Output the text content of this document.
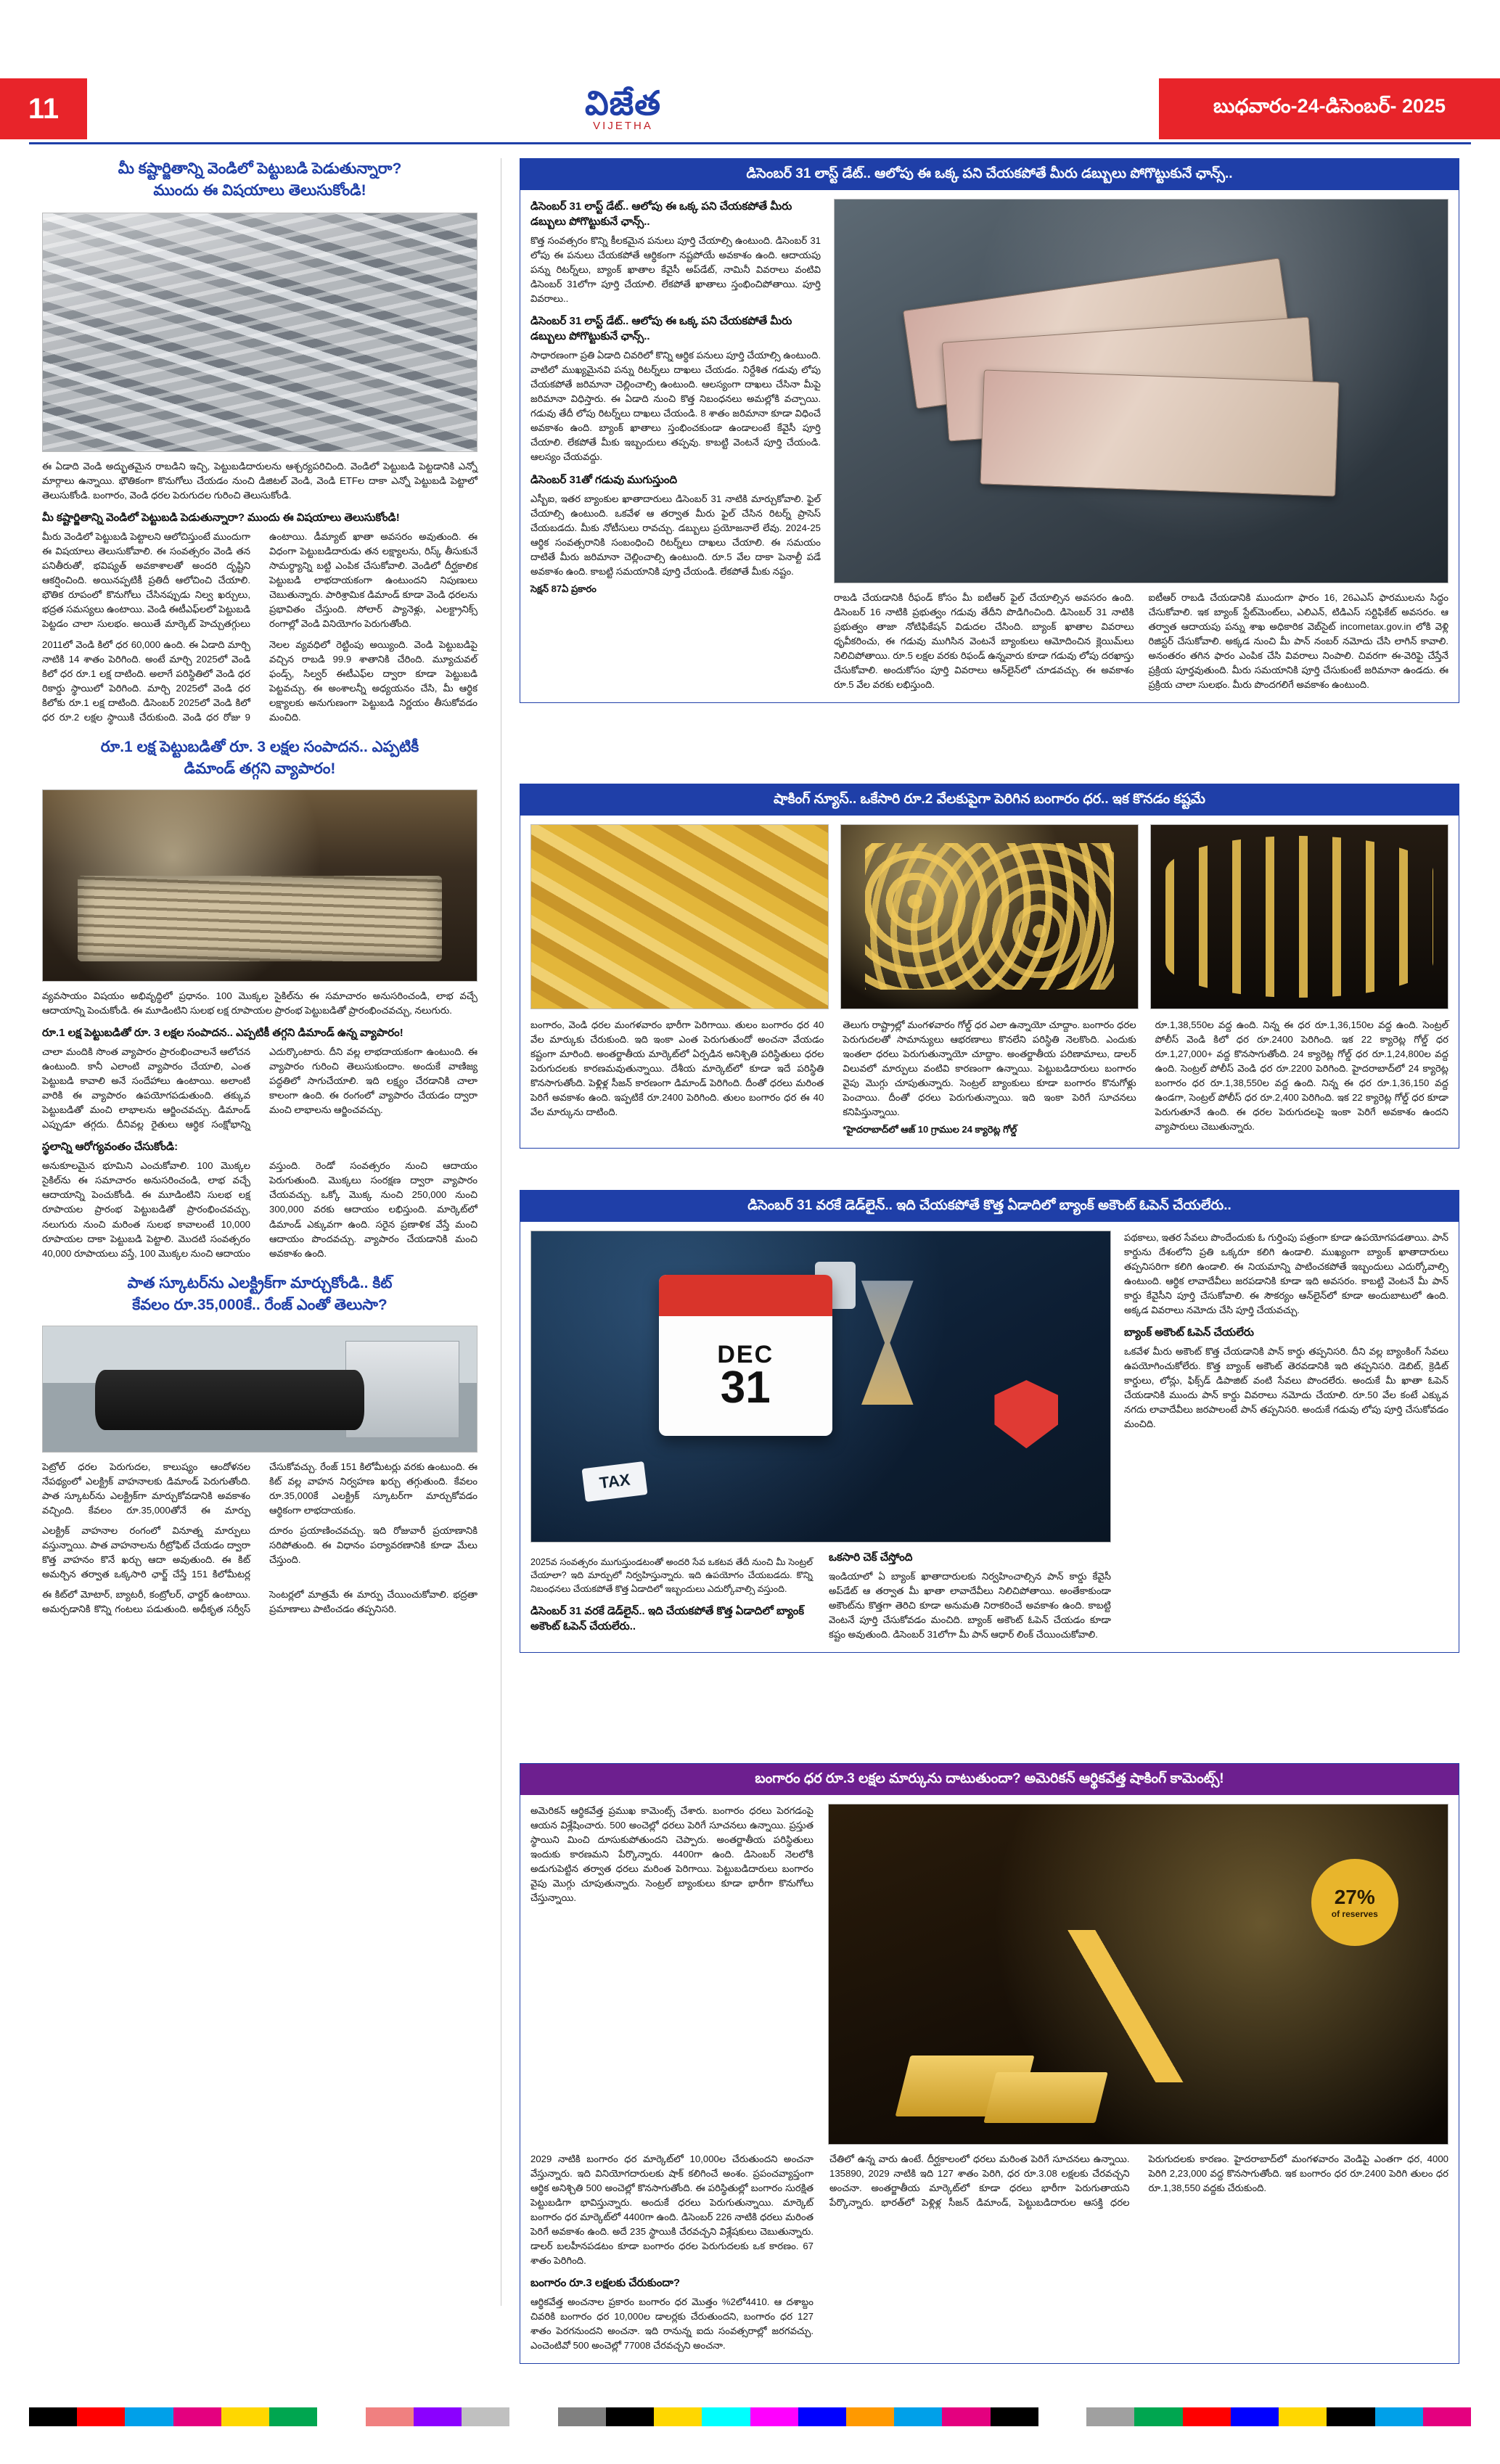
11	విజేత
VIJETHA
బుధవారం-24-డిసెంబర్- 2025
మీ కష్టార్జితాన్ని వెండిలో పెట్టుబడి పెడుతున్నారా?
ముందు ఈ విషయాలు తెలుసుకోండి!
ఈ ఏడాది వెండి అద్భుతమైన రాబడిని ఇచ్చి, పెట్టుబడిదారులను ఆశ్చర్యపరిచింది. వెండిలో పెట్టుబడి పెట్టడానికి ఎన్నో మార్గాలు ఉన్నాయి. భౌతికంగా కొనుగోలు చేయడం నుంచి డిజిటల్ వెండి, వెండి ETFల దాకా ఎన్నో పెట్టుబడి పెట్టాలో తెలుసుకోండి. బంగారం, వెండి ధరల పెరుగుదల గురించి తెలుసుకోండి.
మీ కష్టార్జితాన్ని వెండిలో పెట్టుబడి పెడుతున్నారా? ముందు ఈ విషయాలు తెలుసుకోండి!
మీరు వెండిలో పెట్టుబడి పెట్టాలని ఆలోచిస్తుంటే ముందుగా ఈ విషయాలు తెలుసుకోవాలి. ఈ సంవత్సరం వెండి తన పనితీరుతో, భవిష్యత్ అవకాశాలతో అందరి దృష్టిని ఆకర్షించింది. అయినప్పటికీ ప్రతిదీ ఆలోచించి చేయాలి. భౌతిక రూపంలో కొనుగోలు చేసినప్పుడు నిల్వ ఖర్చులు, భద్రత సమస్యలు ఉంటాయి. వెండి ఈటీఎఫ్‌లలో పెట్టుబడి పెట్టడం చాలా సులభం. అయితే మార్కెట్ హెచ్చుతగ్గులు ఉంటాయి. డీమ్యాట్ ఖాతా అవసరం అవుతుంది. ఈ విధంగా పెట్టుబడిదారుడు తన లక్ష్యాలను, రిస్క్ తీసుకునే సామర్థ్యాన్ని బట్టి ఎంపిక చేసుకోవాలి. వెండిలో దీర్ఘకాలిక పెట్టుబడి లాభదాయకంగా ఉంటుందని నిపుణులు చెబుతున్నారు. పారిశ్రామిక డిమాండ్ కూడా వెండి ధరలను ప్రభావితం చేస్తుంది. సోలార్ ప్యానెళ్లు, ఎలక్ట్రానిక్స్ రంగాల్లో వెండి వినియోగం పెరుగుతోంది.
2011లో వెండి కిలో ధర 60,000 ఉంది. ఈ ఏడాది మార్చి నాటికి 14 శాతం పెరిగింది. అంటే మార్చి 2025లో వెండి కిలో ధర రూ.1 లక్ష దాటింది. అలాగే పరిస్థితిలో వెండి ధర రికార్డు స్థాయిలో పెరిగింది. మార్చి 2025లో వెండి ధర కిలోకు రూ.1 లక్ష దాటింది. డిసెంబర్ 2025లో వెండి కిలో ధర రూ.2 లక్షల స్థాయికి చేరుకుంది. వెండి ధర రోజు 9 నెలల వ్యవధిలో రెట్టింపు అయ్యింది. వెండి పెట్టుబడిపై వచ్చిన రాబడి 99.9 శాతానికి చేరింది. మ్యూచువల్ ఫండ్స్, సిల్వర్ ఈటీఎఫ్‌ల ద్వారా కూడా పెట్టుబడి పెట్టవచ్చు. ఈ అంశాలన్నీ అధ్యయనం చేసి, మీ ఆర్థిక లక్ష్యాలకు అనుగుణంగా పెట్టుబడి నిర్ణయం తీసుకోవడం మంచిది.
రూ.1 లక్ష పెట్టుబడితో రూ. 3 లక్షల సంపాదన.. ఎప్పటికీ
డిమాండ్ తగ్గని వ్యాపారం!
వ్యవసాయం విషయం అభివృద్ధిలో ప్రధానం. 100 మొక్కల సైకిల్‌ను ఈ సమాచారం అనుసరించండి, లాభ వచ్చే ఆదాయాన్ని పెంచుకోండి. ఈ మూడింటిని సులభ లక్ష రూపాయల ప్రారంభ పెట్టుబడితో ప్రారంభించవచ్చు, నలుగురు.
రూ.1 లక్ష పెట్టుబడితో రూ. 3 లక్షల సంపాదన.. ఎప్పటికీ తగ్గని డిమాండ్ ఉన్న వ్యాపారం!
చాలా మందికి సొంత వ్యాపారం ప్రారంభించాలనే ఆలోచన ఉంటుంది. కానీ ఎలాంటి వ్యాపారం చేయాలి, ఎంత పెట్టుబడి కావాలి అనే సందేహాలు ఉంటాయి. అలాంటి వారికి ఈ వ్యాపారం ఉపయోగపడుతుంది. తక్కువ పెట్టుబడితో మంచి లాభాలను ఆర్జించవచ్చు. డిమాండ్ ఎప్పుడూ తగ్గదు. దీనివల్ల రైతులు ఆర్థిక సంక్షోభాన్ని ఎదుర్కొంటారు. దీని వల్ల లాభదాయకంగా ఉంటుంది. ఈ వ్యాపారం గురించి తెలుసుకుందాం. అందుకే వాణిజ్య పద్ధతిలో సాగుచేయాలి. ఇది లక్ష్యం చేరడానికి చాలా కాలంగా ఉంది. ఈ రంగంలో వ్యాపారం చేయడం ద్వారా మంచి లాభాలను ఆర్జించవచ్చు.
స్థలాన్ని ఆరోగ్యవంతం చేసుకోండి:
అనుకూలమైన భూమిని ఎంచుకోవాలి. 100 మొక్కల సైకిల్‌ను ఈ సమాచారం అనుసరించండి, లాభ వచ్చే ఆదాయాన్ని పెంచుకోండి. ఈ మూడింటిని సులభ లక్ష రూపాయల ప్రారంభ పెట్టుబడితో ప్రారంభించవచ్చు, నలుగురు నుంచి మరింత సులభ కావాలంటే 10,000 రూపాయల దాకా పెట్టుబడి పెట్టాలి. మొదటి సంవత్సరం 40,000 రూపాయలు వస్తే, 100 మొక్కల నుంచి ఆదాయం వస్తుంది. రెండో సంవత్సరం నుంచి ఆదాయం పెరుగుతుంది. మొక్కలు సంరక్షణ ద్వారా వ్యాపారం చేయవచ్చు. ఒక్కో మొక్క నుంచి 250,000 నుంచి 300,000 వరకు ఆదాయం లభిస్తుంది. మార్కెట్‌లో డిమాండ్ ఎక్కువగా ఉంది. సరైన ప్రణాళిక వేస్తే మంచి ఆదాయం పొందవచ్చు. వ్యాపారం చేయడానికి మంచి అవకాశం ఉంది.
పాత స్కూటర్‌ను ఎలక్ట్రిక్‌గా మార్చుకోండి.. కిట్
కేవలం రూ.35,000కే.. రేంజ్ ఎంతో తెలుసా?
పెట్రోల్ ధరల పెరుగుదల, కాలుష్యం ఆందోళనల నేపథ్యంలో ఎలక్ట్రిక్ వాహనాలకు డిమాండ్ పెరుగుతోంది. పాత స్కూటర్‌ను ఎలక్ట్రిక్‌గా మార్చుకోవడానికి అవకాశం వచ్చింది. కేవలం రూ.35,000తోనే ఈ మార్పు చేసుకోవచ్చు. రేంజ్ 151 కిలోమీటర్లు వరకు ఉంటుంది. ఈ కిట్ వల్ల వాహన నిర్వహణ ఖర్చు తగ్గుతుంది. కేవలం రూ.35,000కే ఎలక్ట్రిక్ స్కూటర్‌గా మార్చుకోవడం ఆర్థికంగా లాభదాయకం.
ఎలక్ట్రిక్ వాహనాల రంగంలో వినూత్న మార్పులు వస్తున్నాయి. పాత వాహనాలను రీట్రోఫిట్ చేయడం ద్వారా కొత్త వాహనం కొనే ఖర్చు ఆదా అవుతుంది. ఈ కిట్ అమర్చిన తర్వాత ఒక్కసారి ఛార్జ్ చేస్తే 151 కిలోమీటర్ల దూరం ప్రయాణించవచ్చు. ఇది రోజువారీ ప్రయాణానికి సరిపోతుంది. ఈ విధానం పర్యావరణానికి కూడా మేలు చేస్తుంది.
ఈ కిట్‌లో మోటార్, బ్యాటరీ, కంట్రోలర్, ఛార్జర్ ఉంటాయి. అమర్చడానికి కొన్ని గంటలు పడుతుంది. అధీకృత సర్వీస్ సెంటర్లలో మాత్రమే ఈ మార్పు చేయించుకోవాలి. భద్రతా ప్రమాణాలు పాటించడం తప్పనిసరి.
డిసెంబర్ 31 లాస్ట్ డేట్.. ఆలోపు ఈ ఒక్క పని చేయకపోతే మీరు డబ్బులు పోగొట్టుకునే ఛాన్స్..
డిసెంబర్ 31 లాస్ట్ డేట్.. ఆలోపు ఈ ఒక్క పని చేయకపోతే మీరు డబ్బులు పోగొట్టుకునే ఛాన్స్..
కొత్త సంవత్సరం కొన్ని కీలకమైన పనులు పూర్తి చేయాల్సి ఉంటుంది. డిసెంబర్ 31 లోపు ఈ పనులు చేయకపోతే ఆర్థికంగా నష్టపోయే అవకాశం ఉంది. ఆదాయపు పన్ను రిటర్న్‌లు, బ్యాంక్ ఖాతాల కేవైసీ అప్‌డేట్, నామినీ వివరాలు వంటివి డిసెంబర్ 31లోగా పూర్తి చేయాలి. లేకపోతే ఖాతాలు స్తంభించిపోతాయి. పూర్తి వివరాలు..
డిసెంబర్ 31 లాస్ట్ డేట్.. ఆలోపు ఈ ఒక్క పని చేయకపోతే మీరు డబ్బులు పోగొట్టుకునే ఛాన్స్..
సాధారణంగా ప్రతి ఏడాది చివరిలో కొన్ని ఆర్థిక పనులు పూర్తి చేయాల్సి ఉంటుంది. వాటిలో ముఖ్యమైనవి పన్ను రిటర్న్‌లు దాఖలు చేయడం. నిర్దేశిత గడువు లోపు చేయకపోతే జరిమానా చెల్లించాల్సి ఉంటుంది. ఆలస్యంగా దాఖలు చేసినా మీపై జరిమానా విధిస్తారు. ఈ ఏడాది నుంచి కొత్త నిబంధనలు అమల్లోకి వచ్చాయి. గడువు తేదీ లోపు రిటర్న్‌లు దాఖలు చేయండి. 8 శాతం జరిమానా కూడా విధించే అవకాశం ఉంది. బ్యాంక్ ఖాతాలు స్తంభించకుండా ఉండాలంటే కేవైసీ పూర్తి చేయాలి. లేకపోతే మీకు ఇబ్బందులు తప్పవు. కాబట్టి వెంటనే పూర్తి చేయండి. ఆలస్యం చేయవద్దు.
డిసెంబర్ 31తో గడువు ముగుస్తుంది
ఎస్బీఐ, ఇతర బ్యాంకుల ఖాతాదారులు డిసెంబర్ 31 నాటికి మార్చుకోవాలి. ఫైల్ చేయాల్సి ఉంటుంది. ఒకవేళ ఆ తర్వాత మీరు ఫైల్ చేసిన రిటర్న్ ప్రాసెస్ చేయబడదు. మీకు నోటీసులు రావచ్చు. డబ్బులు ప్రయోజనాలే లేవు. 2024-25 ఆర్థిక సంవత్సరానికి సంబంధించి రిటర్న్‌లు దాఖలు చేయాలి. ఈ సమయం దాటితే మీరు జరిమానా చెల్లించాల్సి ఉంటుంది. రూ.5 వేల దాకా పెనాల్టీ పడే అవకాశం ఉంది. కాబట్టి సమయానికి పూర్తి చేయండి. లేకపోతే మీకు నష్టం.
సెక్షన్ 87ఏ ప్రకారం
రాబడి చేయడానికి రీఫండ్ కోసం మీ ఐటీఆర్ ఫైల్ చేయాల్సిన అవసరం ఉంది. డిసెంబర్ 16 నాటికి ప్రభుత్వం గడువు తేదీని పొడిగించింది. డిసెంబర్ 31 నాటికి ప్రభుత్వం తాజా నోటిఫికేషన్ విడుదల చేసింది. బ్యాంక్ ఖాతాల వివరాలు ధృవీకరించు, ఈ గడువు ముగిసిన వెంటనే బ్యాంకులు ఆమోదించిన క్లెయిమ్‌లు నిలిచిపోతాయి. రూ.5 లక్షల వరకు రిఫండ్ ఉన్నవారు కూడా గడువు లోపు దరఖాస్తు చేసుకోవాలి. అందుకోసం పూర్తి వివరాలు ఆన్‌లైన్‌లో చూడవచ్చు. ఈ అవకాశం రూ.5 వేల వరకు లభిస్తుంది.
ఐటీఆర్ రాబడి చేయడానికి ముందుగా ఫారం 16, 26ఎఎస్ ఫారములను సిద్ధం చేసుకోవాలి. ఇక బ్యాంక్ స్టేట్‌మెంట్‌లు, ఎలిఎన్, టిడిఎస్ సర్టిఫికేట్ అవసరం. ఆ తర్వాత ఆదాయపు పన్ను శాఖ అధికారిక వెబ్‌సైట్ incometax.gov.in లోకి వెళ్లి రిజిస్టర్ చేసుకోవాలి. అక్కడ నుంచి మీ పాన్ నంబర్ నమోదు చేసి లాగిన్ కావాలి. అనంతరం తగిన ఫారం ఎంపిక చేసి వివరాలు నింపాలి. చివరగా ఈ-వెరిఫై చేస్తేనే ప్రక్రియ పూర్తవుతుంది. మీరు సమయానికి పూర్తి చేసుకుంటే జరిమానా ఉండదు. ఈ ప్రక్రియ చాలా సులభం. మీరు పొందగలిగే అవకాశం ఉంటుంది.
షాకింగ్ న్యూస్.. ఒకేసారి రూ.2 వేలకుపైగా పెరిగిన బంగారం ధర.. ఇక కొనడం కష్టమే
బంగారం, వెండి ధరల మంగళవారం భారీగా పెరిగాయి. తులం బంగారం ధర 40 వేల మార్కుకు చేరుకుంది. ఇది ఇంకా ఎంత పెరుగుతుందో అంచనా వేయడం కష్టంగా మారింది. అంతర్జాతీయ మార్కెట్‌లో ఏర్పడిన అనిశ్చితి పరిస్థితులు ధరల పెరుగుదలకు కారణమవుతున్నాయి. దేశీయ మార్కెట్‌లో కూడా ఇదే పరిస్థితి కొనసాగుతోంది. పెళ్లిళ్ల సీజన్ కారణంగా డిమాండ్ పెరిగింది. దీంతో ధరలు మరింత పెరిగే అవకాశం ఉంది. ఇప్పటికే రూ.2400 పెరిగింది. తులం బంగారం ధర ఈ 40 వేల మార్కును దాటింది.
తెలుగు రాష్ట్రాల్లో మంగళవారం గోల్డ్ ధర ఎలా ఉన్నాయో చూద్దాం. బంగారం ధరల పెరుగుదలతో సామాన్యులు ఆభరణాలు కొనలేని పరిస్థితి నెలకొంది. ఎందుకు ఇంతలా ధరలు పెరుగుతున్నాయో చూద్దాం. అంతర్జాతీయ పరిణామాలు, డాలర్ విలువలో మార్పులు వంటివి కారణంగా ఉన్నాయి. పెట్టుబడిదారులు బంగారం వైపు మొగ్గు చూపుతున్నారు. సెంట్రల్ బ్యాంకులు కూడా బంగారం కొనుగోళ్లు పెంచాయి. దీంతో ధరలు పెరుగుతున్నాయి. ఇది ఇంకా పెరిగే సూచనలు కనిపిస్తున్నాయి.
*హైదరాబాద్‌లో ఆజ్ 10 గ్రాముల 24 క్యారెట్ల గోల్డ్
రూ.1,38,550ల వద్ద ఉంది. నిన్న ఈ ధర రూ.1,36,150ల వద్ద ఉంది. సెంట్రల్ పోలీస్‌ వెండి కిలో ధర రూ.2400 పెరిగింది. ఇక 22 క్యారెట్ల గోల్డ్ ధర రూ.1,27,000+ వద్ద కొనసాగుతోంది. 24 క్యారెట్ల గోల్డ్ ధర రూ.1,24,800ల వద్ద ఉంది. సెంట్రల్ పోలీస్‌ వెండి ధర రూ.2200 పెరిగింది. హైదరాబాద్‌లో 24 క్యారెట్ల బంగారం ధర రూ.1,38,550ల వద్ద ఉంది. నిన్న ఈ ధర రూ.1,36,150 వద్ద ఉండగా, సెంట్రల్ పోలీస్ ధర రూ.2,400 పెరిగింది. ఇక 22 క్యారెట్ల గోల్డ్ ధర కూడా పెరుగుతూనే ఉంది. ఈ ధరల పెరుగుదలపై ఇంకా పెరిగే అవకాశం ఉందని వ్యాపారులు చెబుతున్నారు.
డిసెంబర్ 31 వరకే డెడ్‌లైన్.. ఇది చేయకపోతే కొత్త ఏడాదిలో బ్యాంక్ అకౌంట్ ఓపెన్ చేయలేరు..
DEC
31
TAX
2025వ సంవత్సరం ముగుస్తుండటంతో అందరి సేవ ఒకటవ తేదీ నుంచి మీ సెంట్రల్ చేయాలా? ఇది మార్పులో నిర్వహిస్తున్నారు. ఇది ఉపయోగం చేయబడదు. కొన్ని నిబంధనలు చేయకపోతే కొత్త ఏడాదిలో ఇబ్బందులు ఎదుర్కోవాల్సి వస్తుంది.
డిసెంబర్ 31 వరకే డెడ్‌లైన్.. ఇది చేయకపోతే కొత్త ఏడాదిలో బ్యాంక్ అకౌంట్ ఓపెన్ చేయలేరు..
ఒకసారి చెక్ చేస్తోంది
ఇండియాలో ఏ బ్యాంక్ ఖాతాదారులకు నిర్వహించాల్సిన పాన్ కార్డు కేవైసీ అప్‌డేట్ ఆ తర్వాత మీ ఖాతా లావాదేవీలు నిలిచిపోతాయి. అంతేకాకుండా అకౌంట్‌ను కొత్తగా తెరిచి కూడా అనుమతి నిరాకరించే అవకాశం ఉంది. కాబట్టి వెంటనే పూర్తి చేసుకోవడం మంచిది. బ్యాంక్ అకౌంట్ ఓపెన్ చేయడం కూడా కష్టం అవుతుంది. డిసెంబర్ 31లోగా మీ పాన్ ఆధార్ లింక్ చేయించుకోవాలి.
పథకాలు, ఇతర సేవలు పొందేందుకు ఓ గుర్తింపు పత్రంగా కూడా ఉపయోగపడతాయి. పాన్ కార్డును దేశంలోని ప్రతి ఒక్కరూ కలిగి ఉండాలి. ముఖ్యంగా బ్యాంక్ ఖాతాదారులు తప్పనిసరిగా కలిగి ఉండాలి. ఈ నియమాన్ని పాటించకపోతే ఇబ్బందులు ఎదుర్కోవాల్సి ఉంటుంది. ఆర్థిక లావాదేవీలు జరపడానికి కూడా ఇది అవసరం. కాబట్టి వెంటనే మీ పాన్ కార్డు కేవైసీని పూర్తి చేసుకోవాలి. ఈ సౌకర్యం ఆన్‌లైన్‌లో కూడా అందుబాటులో ఉంది. అక్కడ వివరాలు నమోదు చేసి పూర్తి చేయవచ్చు.
బ్యాంక్ అకౌంట్ ఓపెన్ చేయలేరు
ఒకవేళ మీరు అకౌంట్ కొత్త చేయడానికి పాన్ కార్డు తప్పనిసరి. దీని వల్ల బ్యాంకింగ్ సేవలు ఉపయోగించుకోలేరు. కొత్త బ్యాంక్ అకౌంట్ తెరవడానికి ఇది తప్పనిసరి. డెబిట్, క్రెడిట్ కార్డులు, లోన్లు, ఫిక్స్‌డ్ డిపాజిట్ వంటి సేవలు పొందలేరు. అందుకే మీ ఖాతా ఓపెన్ చేయడానికి ముందు పాన్ కార్డు వివరాలు నమోదు చేయాలి. రూ.50 వేల కంటే ఎక్కువ నగదు లావాదేవీలు జరపాలంటే పాన్ తప్పనిసరి. అందుకే గడువు లోపు పూర్తి చేసుకోవడం మంచిది.
బంగారం ధర రూ.3 లక్షల మార్కును దాటుతుందా? అమెరికన్ ఆర్థికవేత్త షాకింగ్ కామెంట్స్!
అమెరికన్ ఆర్థికవేత్త ప్రముఖ కామెంట్స్ చేశారు. బంగారం ధరలు పెరగడంపై ఆయన విశ్లేషించారు. 500 అంచెల్లో ధరలు పెరిగే సూచనలు ఉన్నాయి. ప్రస్తుత స్థాయిని మించి దూసుకుపోతుందని చెప్పారు. అంతర్జాతీయ పరిస్థితులు ఇందుకు కారణమని పేర్కొన్నారు. 4400గా ఉంది. డిసెంబర్ నెలలోకి అడుగుపెట్టిన తర్వాత ధరలు మరింత పెరిగాయి. పెట్టుబడిదారులు బంగారం వైపు మొగ్గు చూపుతున్నారు. సెంట్రల్ బ్యాంకులు కూడా భారీగా కొనుగోలు చేస్తున్నాయి.	27%
of reserves
2029 నాటికి బంగారం ధర మార్కెట్‌లో 10,000ల చేరుతుందని అంచనా వేస్తున్నారు. ఇది వినియోగదారులకు షాక్ కలిగించే అంశం. ప్రపంచవ్యాప్తంగా ఆర్థిక అనిశ్చితి 500 అంచెల్లో కొనసాగుతోంది. ఈ పరిస్థితుల్లో బంగారం సురక్షిత పెట్టుబడిగా భావిస్తున్నారు. అందుకే ధరలు పెరుగుతున్నాయి. మార్కెట్ బంగారం ధర మార్కెట్‌లో 4400గా ఉంది. డిసెంబర్ 226 నాటికి ధరలు మరింత పెరిగే అవకాశం ఉంది. అదే 235 స్థాయికి చేరవచ్చని విశ్లేషకులు చెబుతున్నారు. డాలర్ బలహీనపడటం కూడా బంగారం ధరల పెరుగుదలకు ఒక కారణం. 67 శాతం పెరిగింది.
బంగారం రూ.3 లక్షలకు చేరుకుందా?
ఆర్థికవేత్త అంచనాల ప్రకారం బంగారం ధర మొత్తం %2లో4410. ఆ దశాబ్దం చివరికి బంగారం ధర 10,000ల డాలర్లకు చేరుతుందని, బంగారం ధర 127 శాతం పెరగనుందని అంచనా. ఇది రానున్న ఐదు సంవత్సరాల్లో జరగవచ్చు. ఎంచెంటివో 500 అంచెల్లో 77008 చేరవచ్చని అంచనా.
చేతిలో ఉన్న వారు ఉంటే. దీర్ఘకాలంలో ధరలు మరింత పెరిగే సూచనలు ఉన్నాయి. 135890, 2029 నాటికి ఇది 127 శాతం పెరిగి, ధర రూ.3.08 లక్షలకు చేరవచ్చని అంచనా. అంతర్జాతీయ మార్కెట్‌లో కూడా ధరలు భారీగా పెరుగుతాయని పేర్కొన్నారు. భారత్‌లో పెళ్లిళ్ల సీజన్ డిమాండ్, పెట్టుబడిదారుల ఆసక్తి ధరల పెరుగుదలకు కారణం. హైదరాబాద్‌లో మంగళవారం వెండిపై ఎంతగా ధర, 4000 పెరిగి 2,23,000 వద్ద కొనసాగుతోంది. ఇక బంగారం ధర రూ.2400 పెరిగి తులం ధర రూ.1,38,550 వద్దకు చేరుకుంది.
